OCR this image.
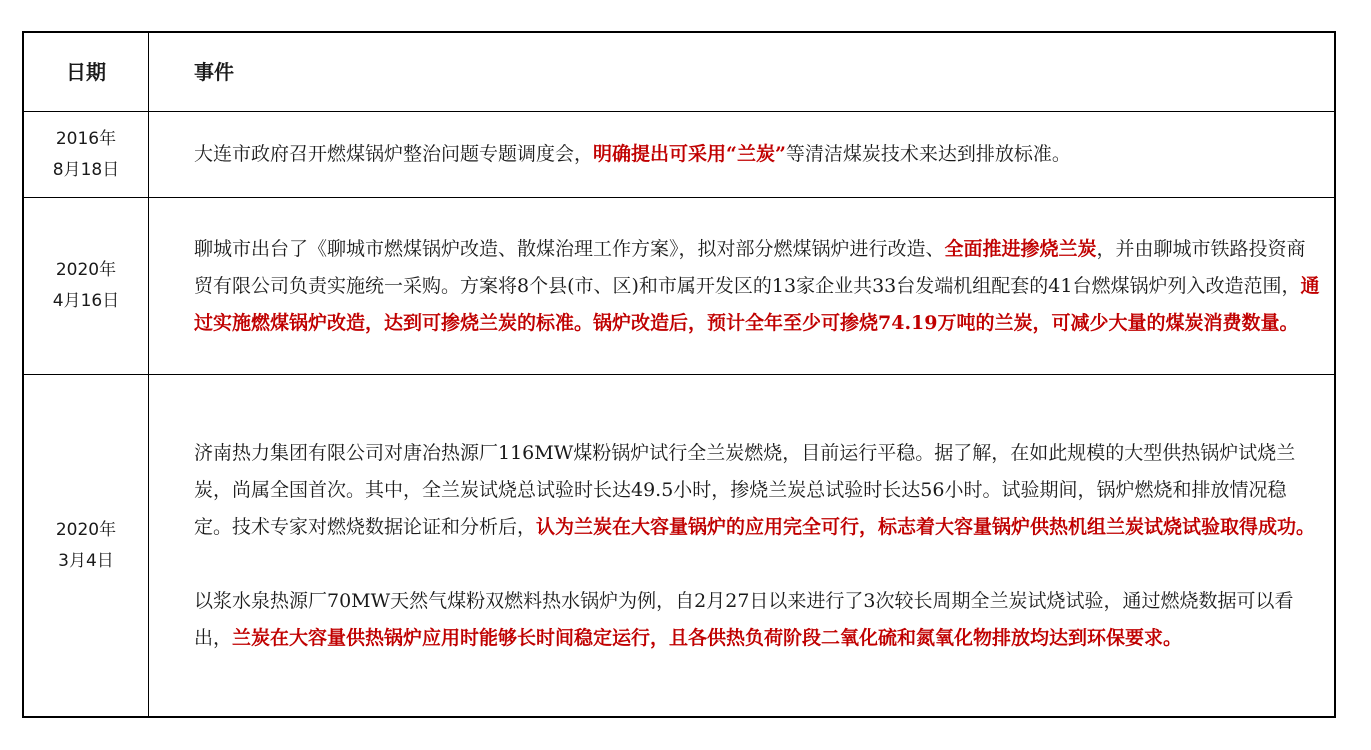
日期	事件
2016年
8月18日

大连市政府召开燃煤锅炉整治问题专题调度会，明确提出可采用“兰炭”等清洁煤炭技术来达到排放标准。

2020年
4月16日

聊城市出台了《聊城市燃煤锅炉改造、散煤治理工作方案》，拟对部分燃煤锅炉进行改造、全面推进掺烧兰炭，并由聊城市铁路投资商贸有限公司负责实施统一采购。方案将8个县(市、区)和市属开发区的13家企业共33台发端机组配套的41台燃煤锅炉列入改造范围，通过实施燃煤锅炉改造，达到可掺烧兰炭的标准。锅炉改造后，预计全年至少可掺烧74.19万吨的兰炭，可减少大量的煤炭消费数量。

2020年
3月4日

济南热力集团有限公司对唐冶热源厂116MW煤粉锅炉试行全兰炭燃烧，目前运行平稳。据了解，在如此规模的大型供热锅炉试烧兰炭，尚属全国首次。其中，全兰炭试烧总试验时长达49.5小时，掺烧兰炭总试验时长达56小时。试验期间，锅炉燃烧和排放情况稳定。技术专家对燃烧数据论证和分析后，认为兰炭在大容量锅炉的应用完全可行，标志着大容量锅炉供热机组兰炭试烧试验取得成功。

以浆水泉热源厂70MW天然气煤粉双燃料热水锅炉为例，自2月27日以来进行了3次较长周期全兰炭试烧试验，通过燃烧数据可以看出，兰炭在大容量供热锅炉应用时能够长时间稳定运行，且各供热负荷阶段二氧化硫和氮氧化物排放均达到环保要求。
